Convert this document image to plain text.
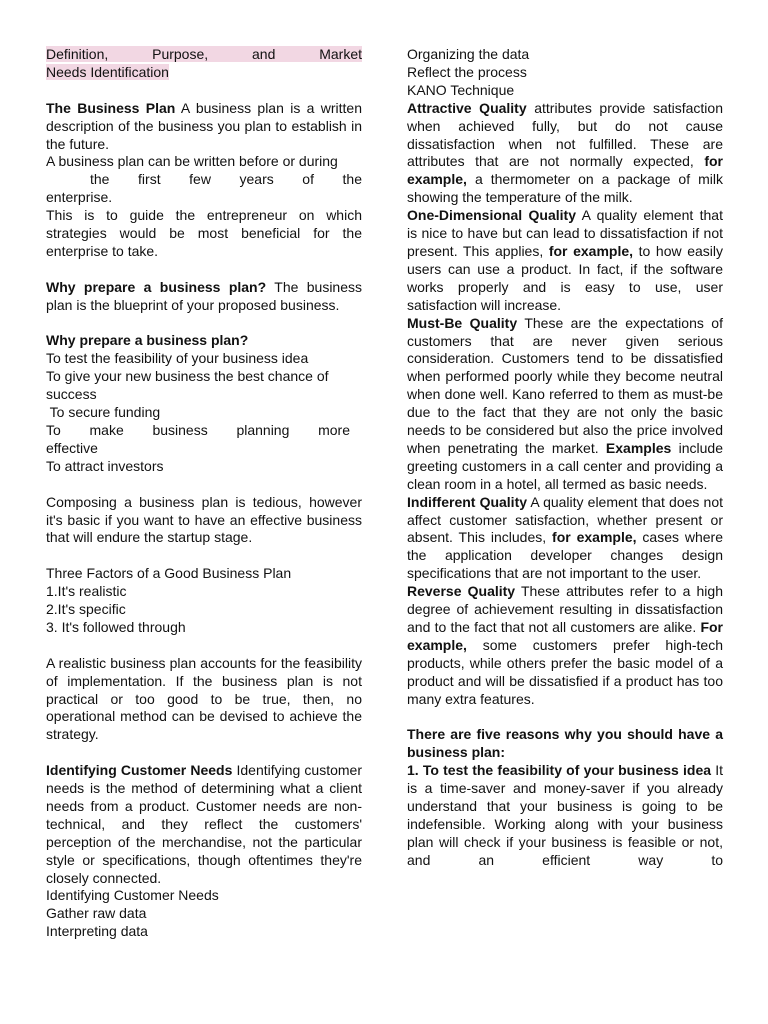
Definition, Purpose, and Market

Needs Identification

The Business Plan A business plan is a written description of the business you plan to establish in the future.

A business plan can be written before or during

the first few years of the

enterprise.

This is to guide the entrepreneur on which strategies would be most beneficial for the enterprise to take.

Why prepare a business plan? The business plan is the blueprint of your proposed business.

Why prepare a business plan?

To test the feasibility of your business idea

To give your new business the best chance of success

To secure funding

To make business planning more

effective

To attract investors

Composing a business plan is tedious, however it's basic if you want to have an effective business that will endure the startup stage.

Three Factors of a Good Business Plan

1.It's realistic

2.It's specific

3. It's followed through

A realistic business plan accounts for the feasibility of implementation. If the business plan is not practical or too good to be true, then, no operational method can be devised to achieve the strategy.

Identifying Customer Needs Identifying customer needs is the method of determining what a client needs from a product. Customer needs are non-technical, and they reflect the customers' perception of the merchandise, not the particular style or specifications, though oftentimes they're closely connected.

Identifying Customer Needs

Gather raw data

Interpreting data

Organizing the data

Reflect the process

KANO Technique

Attractive Quality attributes provide satisfaction when achieved fully, but do not cause dissatisfaction when not fulfilled. These are attributes that are not normally expected, for example, a thermometer on a package of milk showing the temperature of the milk.

One-Dimensional Quality A quality element that is nice to have but can lead to dissatisfaction if not present. This applies, for example, to how easily users can use a product. In fact, if the software works properly and is easy to use, user satisfaction will increase.

Must-Be Quality These are the expectations of customers that are never given serious consideration. Customers tend to be dissatisfied when performed poorly while they become neutral when done well. Kano referred to them as must-be due to the fact that they are not only the basic needs to be considered but also the price involved when penetrating the market. Examples include greeting customers in a call center and providing a clean room in a hotel, all termed as basic needs.

Indifferent Quality A quality element that does not affect customer satisfaction, whether present or absent. This includes, for example, cases where the application developer changes design specifications that are not important to the user.

Reverse Quality These attributes refer to a high degree of achievement resulting in dissatisfaction and to the fact that not all customers are alike. For example, some customers prefer high-tech products, while others prefer the basic model of a product and will be dissatisfied if a product has too many extra features.

There are five reasons why you should have a business plan:

1. To test the feasibility of your business idea It is a time-saver and money-saver if you already understand that your business is going to be indefensible. Working along with your business plan will check if your business is feasible or not, and an efficient way to
